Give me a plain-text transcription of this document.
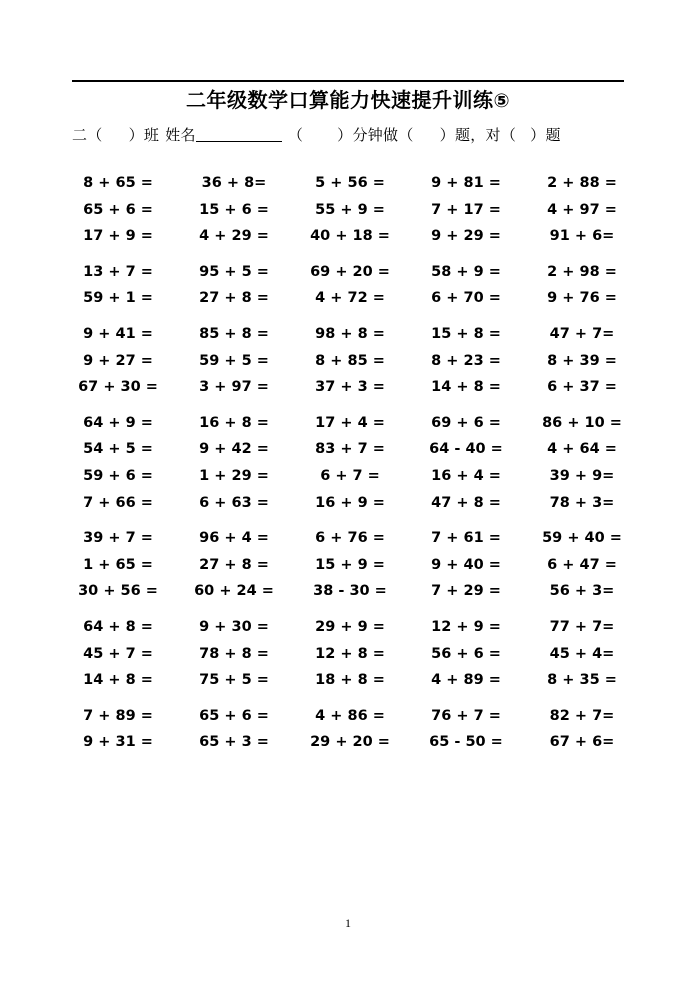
二年级数学口算能力快速提升训练⑤
二（ ）班 姓名	（ ）分钟做（ ）题，对（ ）题
8 + 65 =	36 + 8=	5 + 56 =	9 + 81 =	2 + 88 =
65 + 6 =	15 + 6 =	55 + 9 =	7 + 17 =	4 + 97 =
17 + 9 =	4 + 29 =	40 + 18 =	9 + 29 =	91 + 6=
13 + 7 =	95 + 5 =	69 + 20 =	58 + 9 =	2 + 98 =
59 + 1 =	27 + 8 =	4 + 72 =	6 + 70 =	9 + 76 =
9 + 41 =	85 + 8 =	98 + 8 =	15 + 8 =	47 + 7=
9 + 27 =	59 + 5 =	8 + 85 =	8 + 23 =	8 + 39 =
67 + 30 =	3 + 97 =	37 + 3 =	14 + 8 =	6 + 37 =
64 + 9 =	16 + 8 =	17 + 4 =	69 + 6 =	86 + 10 =
54 + 5 =	9 + 42 =	83 + 7 =	64 - 40 =	4 + 64 =
59 + 6 =	1 + 29 =	6 + 7 =	16 + 4 =	39 + 9=
7 + 66 =	6 + 63 =	16 + 9 =	47 + 8 =	78 + 3=
39 + 7 =	96 + 4 =	6 + 76 =	7 + 61 =	59 + 40 =
1 + 65 =	27 + 8 =	15 + 9 =	9 + 40 =	6 + 47 =
30 + 56 =	60 + 24 =	38 - 30 =	7 + 29 =	56 + 3=
64 + 8 =	9 + 30 =	29 + 9 =	12 + 9 =	77 + 7=
45 + 7 =	78 + 8 =	12 + 8 =	56 + 6 =	45 + 4=
14 + 8 =	75 + 5 =	18 + 8 =	4 + 89 =	8 + 35 =
7 + 89 =	65 + 6 =	4 + 86 =	76 + 7 =	82 + 7=
9 + 31 =	65 + 3 =	29 + 20 =	65 - 50 =	67 + 6=
1
